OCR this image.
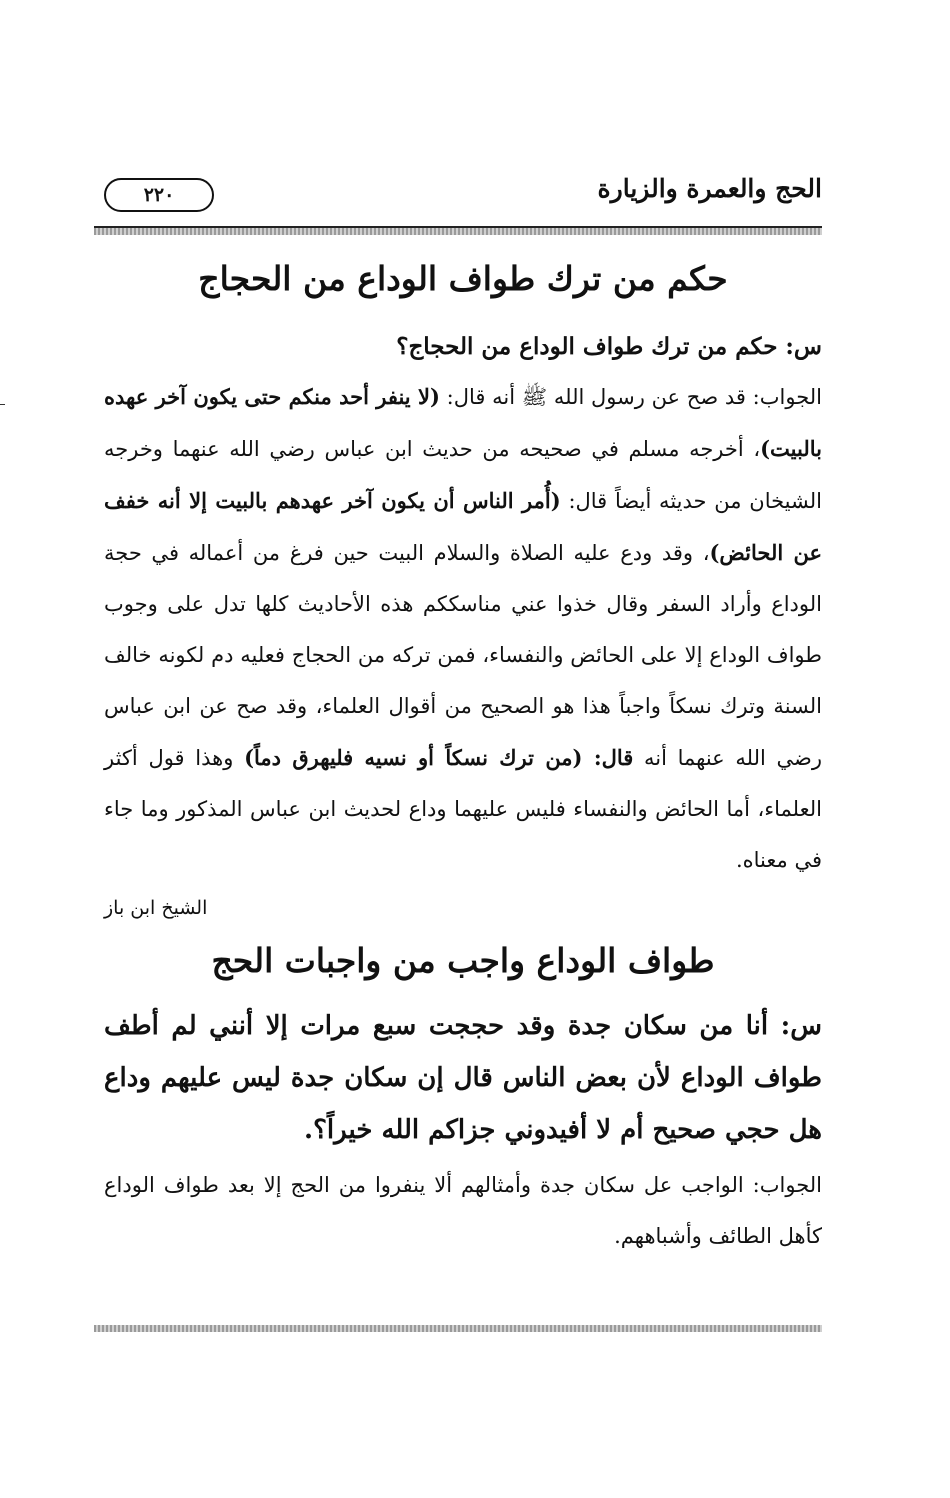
٢٢٠	الحج والعمرة والزيارة
حكم من ترك طواف الوداع من الحجاج

س: حكم من ترك طواف الوداع من الحجاج؟

الجواب: قد صح عن رسول الله ﷺ أنه قال: (لا ينفر أحد منكم حتى يكون آخر عهده بالبيت)، أخرجه مسلم في صحيحه من حديث ابن عباس رضي الله عنهما وخرجه الشيخان من حديثه أيضاً قال: (أُمر الناس أن يكون آخر عهدهم بالبيت إلا أنه خفف عن الحائض)، وقد ودع عليه الصلاة والسلام البيت حين فرغ من أعماله في حجة الوداع وأراد السفر وقال خذوا عني مناسككم هذه الأحاديث كلها تدل على وجوب طواف الوداع إلا على الحائض والنفساء، فمن تركه من الحجاج فعليه دم لكونه خالف السنة وترك نسكاً واجباً هذا هو الصحيح من أقوال العلماء، وقد صح عن ابن عباس رضي الله عنهما أنه قال: (من ترك نسكاً أو نسيه فليهرق دماً) وهذا قول أكثر العلماء، أما الحائض والنفساء فليس عليهما وداع لحديث ابن عباس المذكور وما جاء في معناه.

الشيخ ابن باز

طواف الوداع واجب من واجبات الحج

س: أنا من سكان جدة وقد حججت سبع مرات إلا أنني لم أطف طواف الوداع لأن بعض الناس قال إن سكان جدة ليس عليهم وداع هل حجي صحيح أم لا أفيدوني جزاكم الله خيراً؟.

الجواب: الواجب عل سكان جدة وأمثالهم ألا ينفروا من الحج إلا بعد طواف الوداع كأهل الطائف وأشباههم.
